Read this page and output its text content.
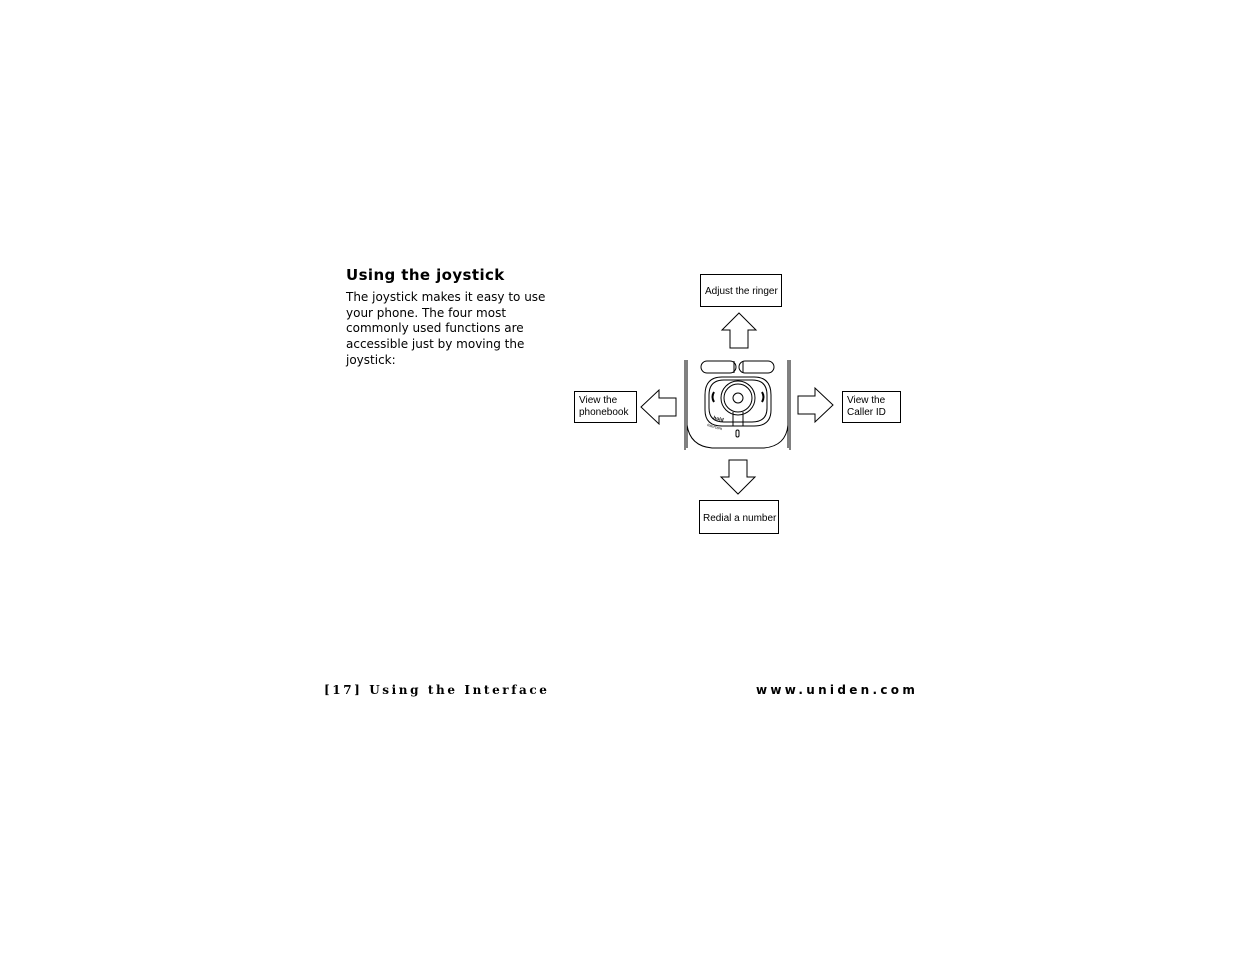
Using the joystick
The joystick makes it easy to use
your phone. The four most
commonly used functions are
accessible just by moving the
joystick:
hold
intercom
Adjust the ringer
View the
phonebook
View the
Caller ID
Redial a number
[17] Using the Interface	www.uniden.com
